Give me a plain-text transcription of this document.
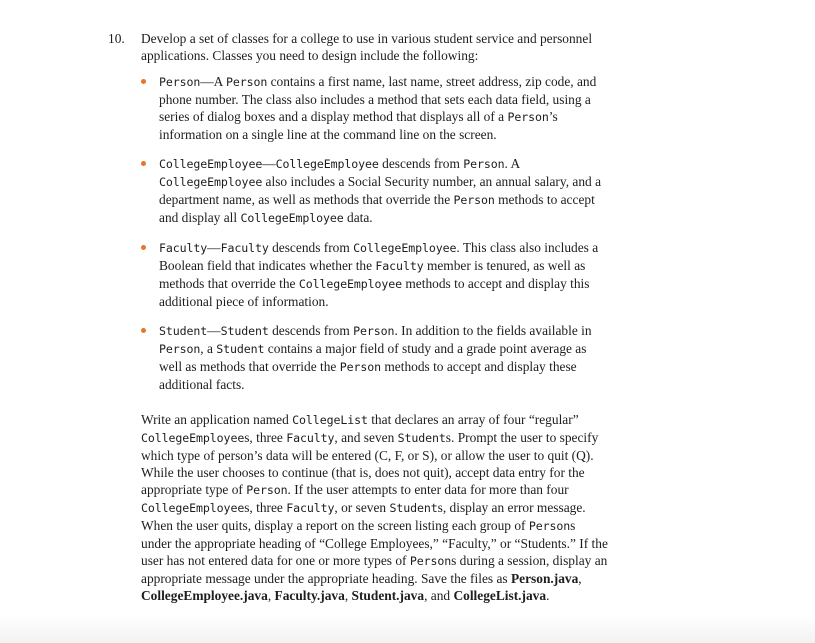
10. Develop a set of classes for a college to use in various student service and personnel applications. Classes you need to design include the following:
Person—A Person contains a first name, last name, street address, zip code, and phone number. The class also includes a method that sets each data field, using a series of dialog boxes and a display method that displays all of a Person’s information on a single line at the command line on the screen.
CollegeEmployee—CollegeEmployee descends from Person. A CollegeEmployee also includes a Social Security number, an annual salary, and a department name, as well as methods that override the Person methods to accept and display all CollegeEmployee data.
Faculty—Faculty descends from CollegeEmployee. This class also includes a Boolean field that indicates whether the Faculty member is tenured, as well as methods that override the CollegeEmployee methods to accept and display this additional piece of information.
Student—Student descends from Person. In addition to the fields available in Person, a Student contains a major field of study and a grade point average as well as methods that override the Person methods to accept and display these additional facts.
Write an application named CollegeList that declares an array of four “regular” CollegeEmployees, three Faculty, and seven Students. Prompt the user to specify which type of person’s data will be entered (C, F, or S), or allow the user to quit (Q). While the user chooses to continue (that is, does not quit), accept data entry for the appropriate type of Person. If the user attempts to enter data for more than four CollegeEmployees, three Faculty, or seven Students, display an error message. When the user quits, display a report on the screen listing each group of Persons under the appropriate heading of “College Employees,” “Faculty,” or “Students.” If the user has not entered data for one or more types of Persons during a session, display an appropriate message under the appropriate heading. Save the files as Person.java, CollegeEmployee.java, Faculty.java, Student.java, and CollegeList.java.
